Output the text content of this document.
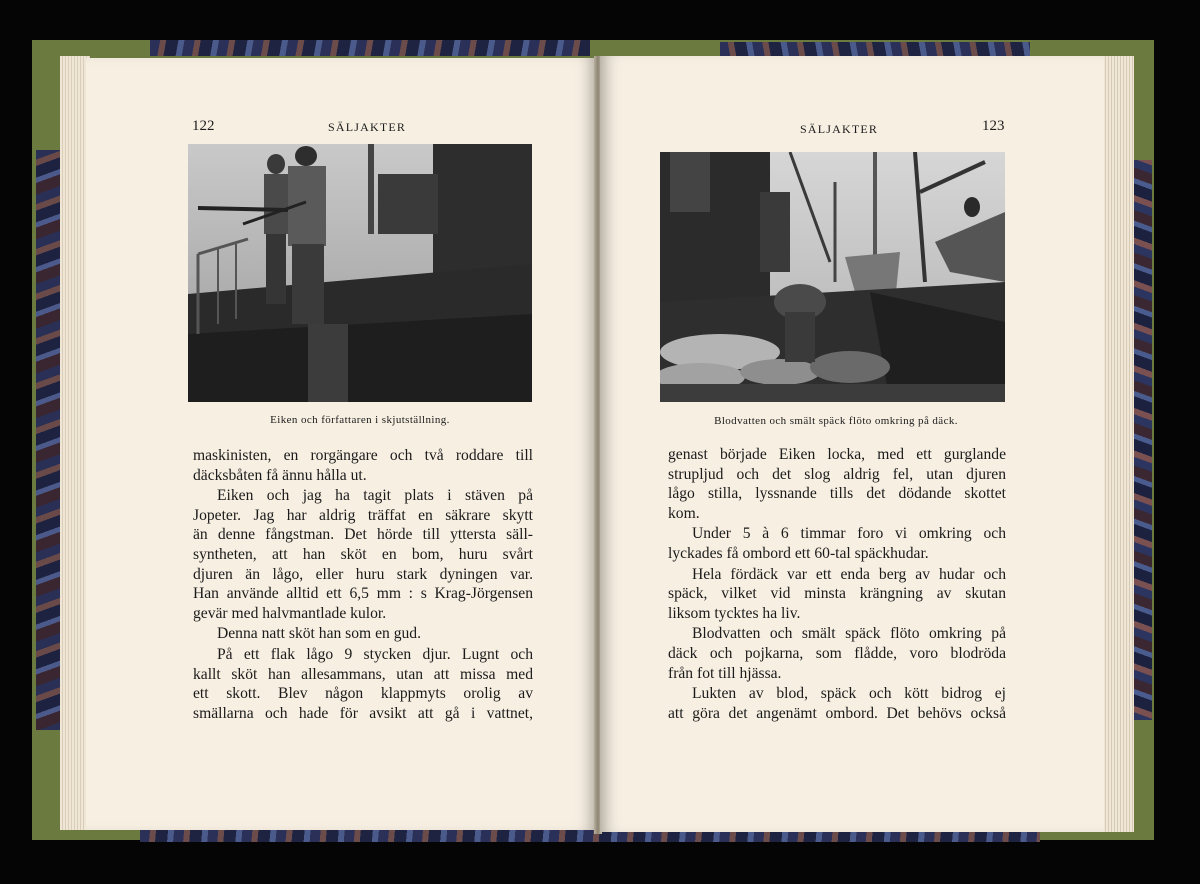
122	SÄLJAKTER
Eiken och författaren i skjutställning.
maskinisten, en rorgängare och två roddare till
däcksbåten få ännu hålla ut.
Eiken och jag ha tagit plats i stäven på
Jopeter. Jag har aldrig träffat en säkrare skytt
än denne fångstman. Det hörde till yttersta säll-
syntheten, att han sköt en bom, huru svårt
djuren än lågo, eller huru stark dyningen var.
Han använde alltid ett 6,5 mm : s Krag-Jörgensen
gevär med halvmantlade kulor.
Denna natt sköt han som en gud.
På ett flak lågo 9 stycken djur. Lugnt och
kallt sköt han allesammans, utan att missa med
ett skott. Blev någon klappmyts orolig av
smällarna och hade för avsikt att gå i vattnet,
SÄLJAKTER	123
Blodvatten och smält späck flöto omkring på däck.
genast började Eiken locka, med ett gurglande
strupljud och det slog aldrig fel, utan djuren
lågo stilla, lyssnande tills det dödande skottet
kom.
Under 5 à 6 timmar foro vi omkring och
lyckades få ombord ett 60-tal späckhudar.
Hela fördäck var ett enda berg av hudar och
späck, vilket vid minsta krängning av skutan
liksom tycktes ha liv.
Blodvatten och smält späck flöto omkring på
däck och pojkarna, som flådde, voro blodröda
från fot till hjässa.
Lukten av blod, späck och kött bidrog ej
att göra det angenämt ombord. Det behövs också
